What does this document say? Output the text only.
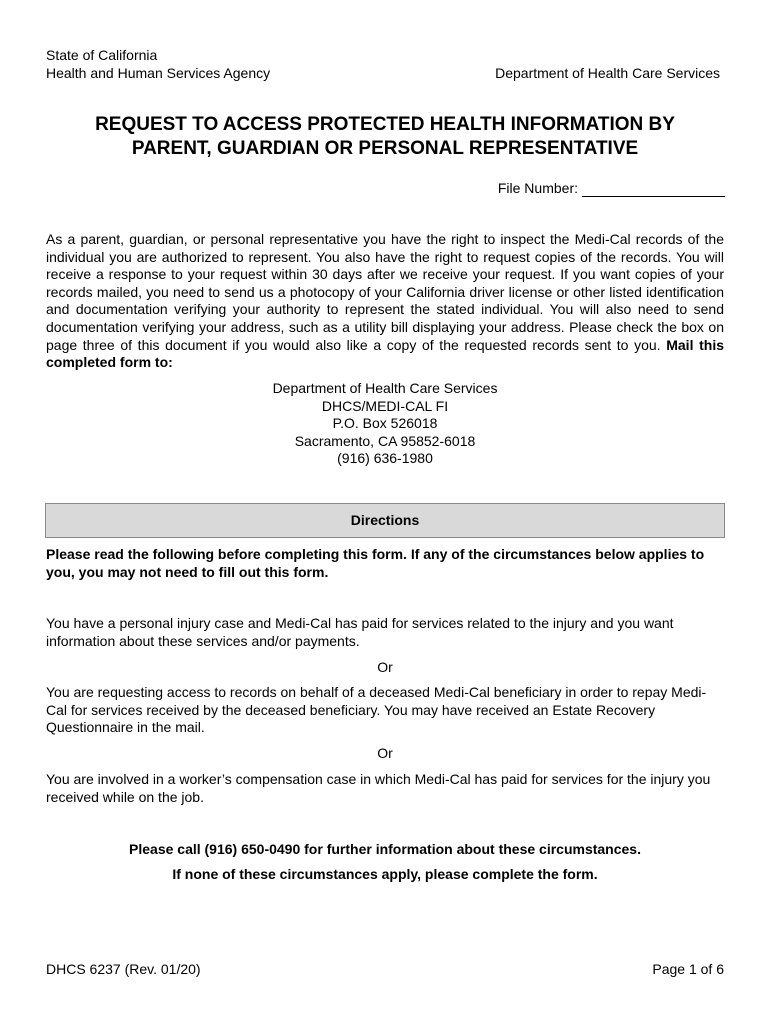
State of California
Health and Human Services Agency	Department of Health Care Services
REQUEST TO ACCESS PROTECTED HEALTH INFORMATION BY
PARENT, GUARDIAN OR PERSONAL REPRESENTATIVE
File Number:
As a parent, guardian, or personal representative you have the right to inspect the Medi-Cal records of the individual you are authorized to represent. You also have the right to request copies of the records. You will receive a response to your request within 30 days after we receive your request. If you want copies of your records mailed, you need to send us a photocopy of your California driver license or other listed identification and documentation verifying your authority to represent the stated individual. You will also need to send documentation verifying your address, such as a utility bill displaying your address. Please check the box on page three of this document if you would also like a copy of the requested records sent to you. Mail this completed form to:
Department of Health Care Services
DHCS/MEDI-CAL FI
P.O. Box 526018
Sacramento, CA 95852-6018
(916) 636-1980
Directions
Please read the following before completing this form. If any of the circumstances below applies to you, you may not need to fill out this form.
You have a personal injury case and Medi-Cal has paid for services related to the injury and you want information about these services and/or payments.
Or
You are requesting access to records on behalf of a deceased Medi-Cal beneficiary in order to repay Medi-Cal for services received by the deceased beneficiary. You may have received an Estate Recovery Questionnaire in the mail.
Or
You are involved in a worker’s compensation case in which Medi-Cal has paid for services for the injury you received while on the job.
Please call (916) 650-0490 for further information about these circumstances.
If none of these circumstances apply, please complete the form.
DHCS 6237 (Rev. 01/20)	Page 1 of 6
